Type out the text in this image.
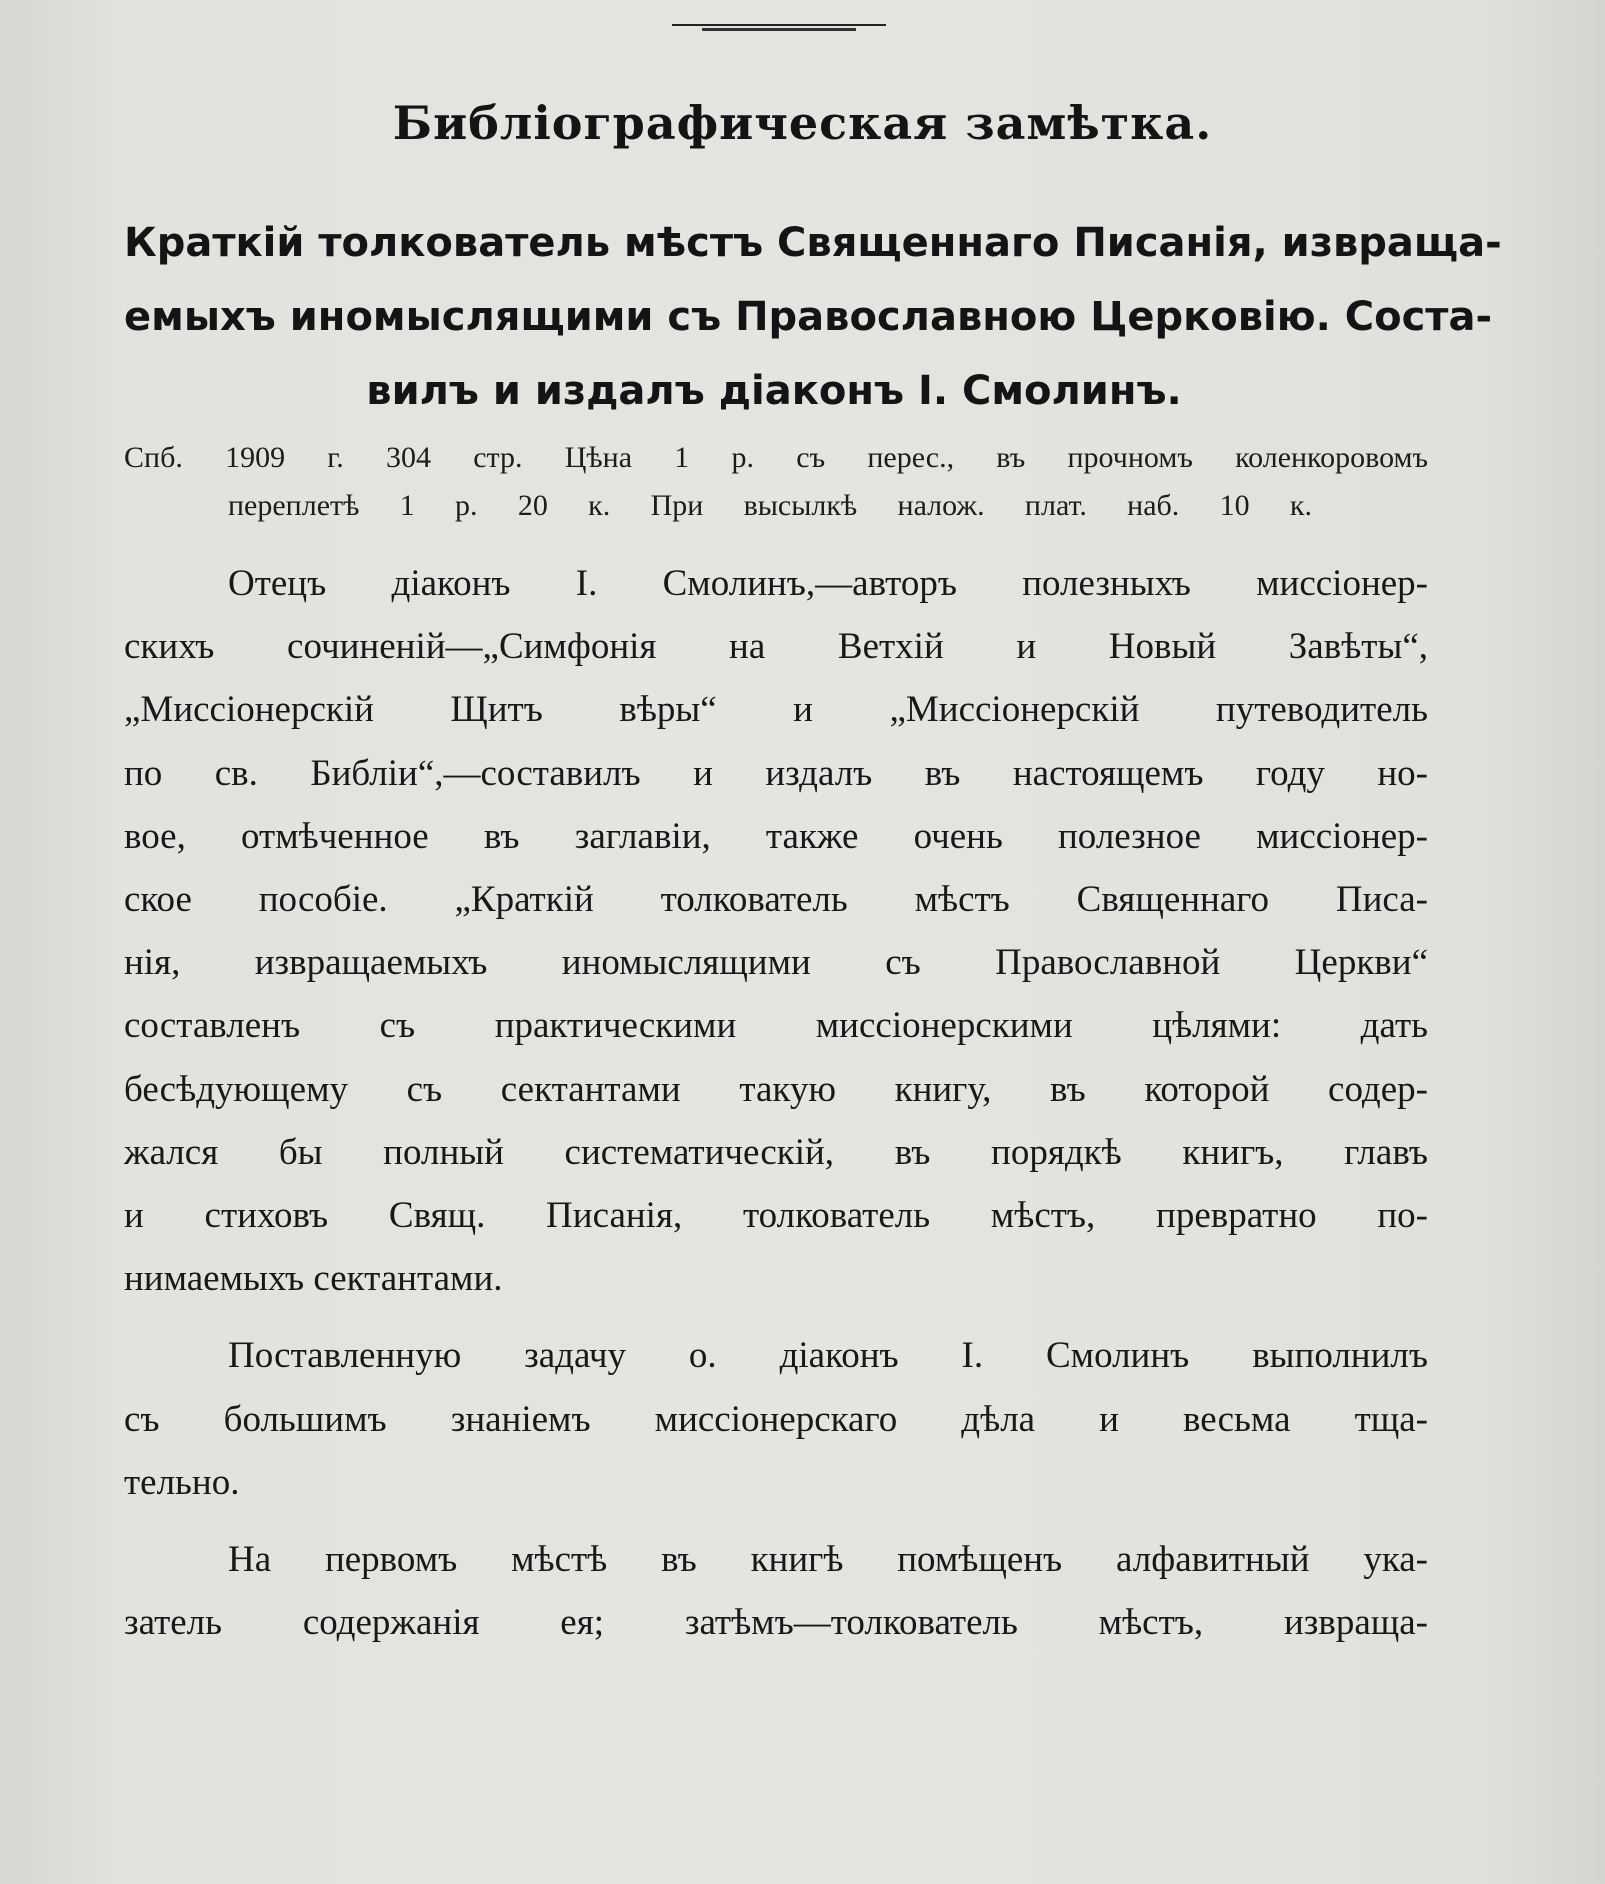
Библiографическая замѣтка.
Краткiй толкователь мѣстъ Священнаго Писанiя, извраща-
емыхъ иномыслящими съ Православною Церковiю. Соста-
вилъ и издалъ дiаконъ I. Смолинъ.
Спб. 1909 г. 304 стр. Цѣна 1 р. съ перес., въ прочномъ коленкоровомъ
переплетѣ 1 р. 20 к. При высылкѣ налож. плат. наб. 10 к.

Отецъ дiаконъ I. Смолинъ,—авторъ полезныхъ миссiонер-
скихъ сочиненiй—„Симфонiя на Ветхiй и Новый Завѣты“,
„Миссiонерскiй Щитъ вѣры“ и „Миссiонерскiй путеводитель
по св. Библiи“,—составилъ и издалъ въ настоящемъ году но-
вое, отмѣченное въ заглавiи, также очень полезное миссiонер-
ское пособiе. „Краткiй толкователь мѣстъ Священнаго Писа-
нiя, извращаемыхъ иномыслящими съ Православной Церкви“
составленъ съ практическими миссiонерскими цѣлями: дать
бесѣдующему съ сектантами такую книгу, въ которой содер-
жался бы полный систематическiй, въ порядкѣ книгъ, главъ
и стиховъ Свящ. Писанiя, толкователь мѣстъ, превратно по-
нимаемыхъ сектантами.

Поставленную задачу о. дiаконъ I. Смолинъ выполнилъ
съ большимъ знанiемъ миссiонерскаго дѣла и весьма тща-
тельно.

На первомъ мѣстѣ въ книгѣ помѣщенъ алфавитный ука-
затель содержанiя ея; затѣмъ—толкователь мѣстъ, извраща-
